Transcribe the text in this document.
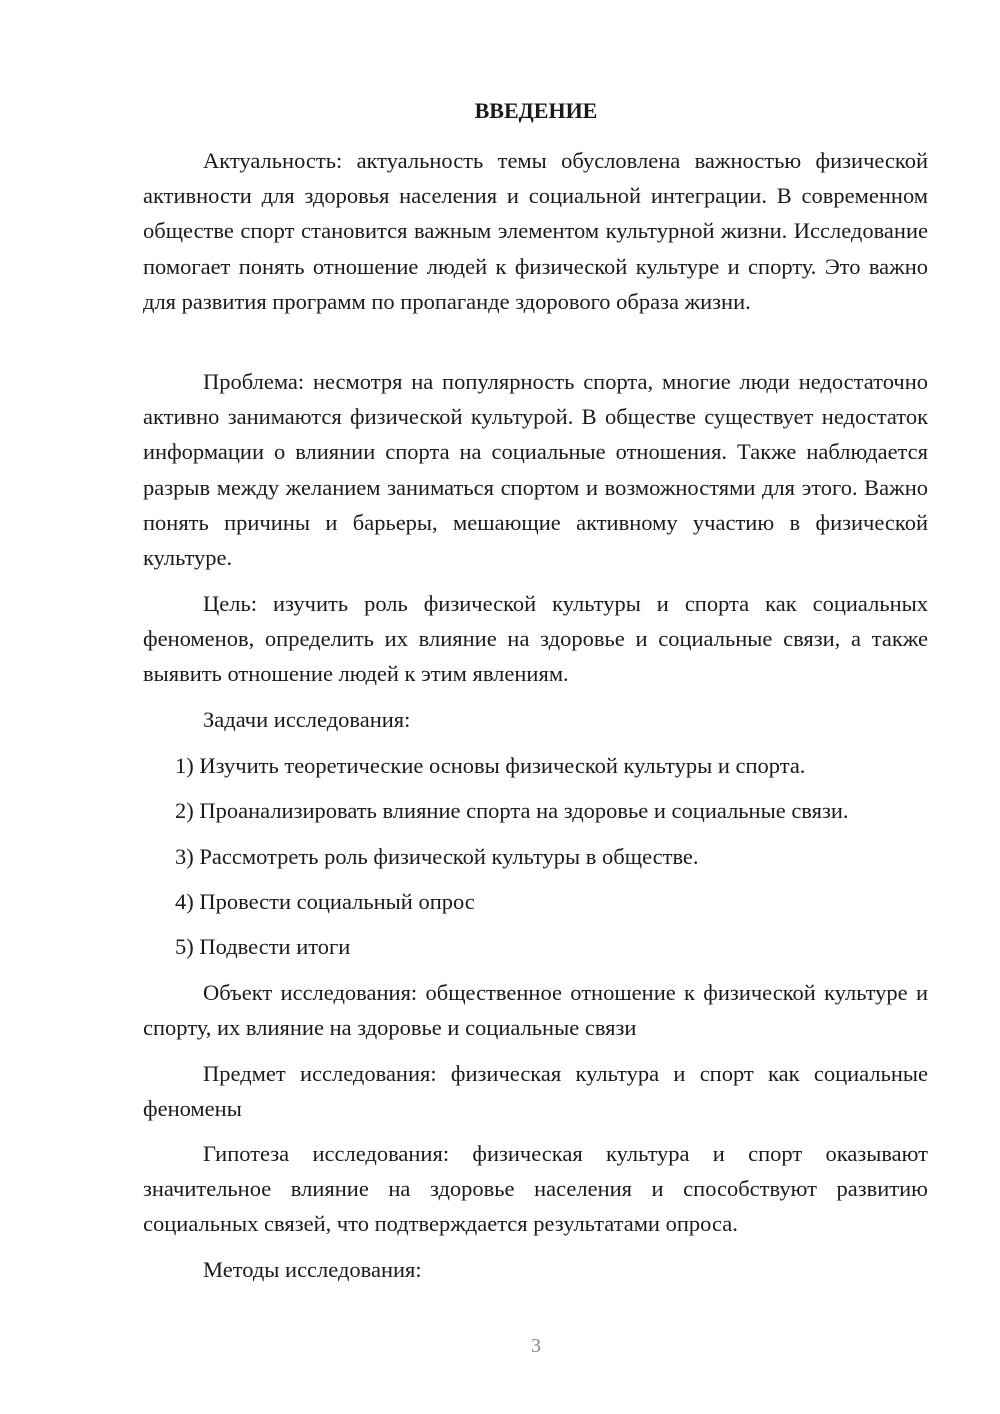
ВВЕДЕНИЕ

Актуальность: актуальность темы обусловлена важностью физической активности для здоровья населения и социальной интеграции. В современном обществе спорт становится важным элементом культурной жизни. Исследование помогает понять отношение людей к физической культуре и спорту. Это важно для развития программ по пропаганде здорового образа жизни.

Проблема: несмотря на популярность спорта, многие люди недостаточно активно занимаются физической культурой. В обществе существует недостаток информации о влиянии спорта на социальные отношения. Также наблюдается разрыв между желанием заниматься спортом и возможностями для этого. Важно понять причины и барьеры, мешающие активному участию в физической культуре.

Цель: изучить роль физической культуры и спорта как социальных феноменов, определить их влияние на здоровье и социальные связи, а также выявить отношение людей к этим явлениям.

Задачи исследования:

1) Изучить теоретические основы физической культуры и спорта.

2) Проанализировать влияние спорта на здоровье и социальные связи.

3) Рассмотреть роль физической культуры в обществе.

4) Провести социальный опрос

5) Подвести итоги

Объект исследования: общественное отношение к физической культуре и спорту, их влияние на здоровье и социальные связи

Предмет исследования: физическая культура и спорт как социальные феномены

Гипотеза исследования: физическая культура и спорт оказывают значительное влияние на здоровье населения и способствуют развитию социальных связей, что подтверждается результатами опроса.

Методы исследования:

3
